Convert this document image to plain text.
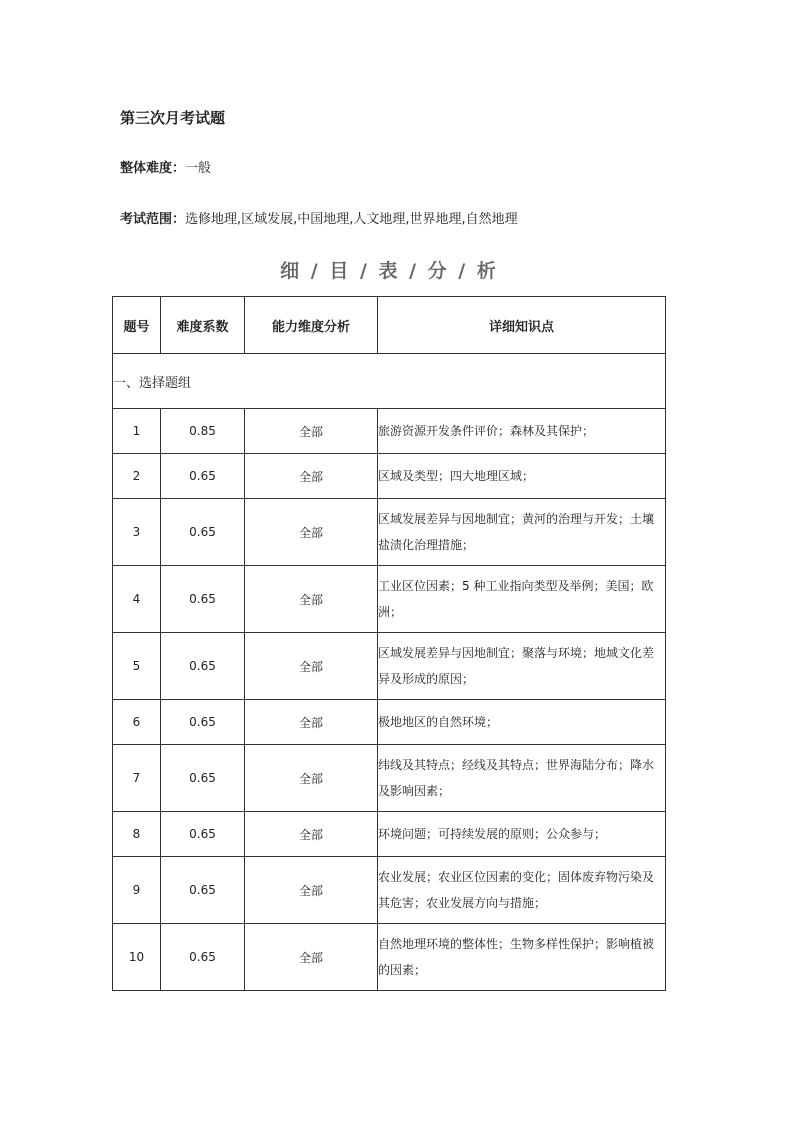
第三次月考试题
整体难度：一般
考试范围：选修地理,区域发展,中国地理,人文地理,世界地理,自然地理
细 / 目 / 表 / 分 / 析
题号	难度系数	能力维度分析	详细知识点
一、选择题组			
1	0.85	全部	旅游资源开发条件评价；森林及其保护；
2	0.65	全部	区域及类型；四大地理区域；
3	0.65	全部	区域发展差异与因地制宜；黄河的治理与开发；土壤盐渍化治理措施；
4	0.65	全部	工业区位因素；5 种工业指向类型及举例；美国；欧洲；
5	0.65	全部	区域发展差异与因地制宜；聚落与环境；地域文化差异及形成的原因；
6	0.65	全部	极地地区的自然环境；
7	0.65	全部	纬线及其特点；经线及其特点；世界海陆分布；降水及影响因素；
8	0.65	全部	环境问题；可持续发展的原则；公众参与；
9	0.65	全部	农业发展；农业区位因素的变化；固体废弃物污染及其危害；农业发展方向与措施；
10	0.65	全部	自然地理环境的整体性；生物多样性保护；影响植被的因素；
